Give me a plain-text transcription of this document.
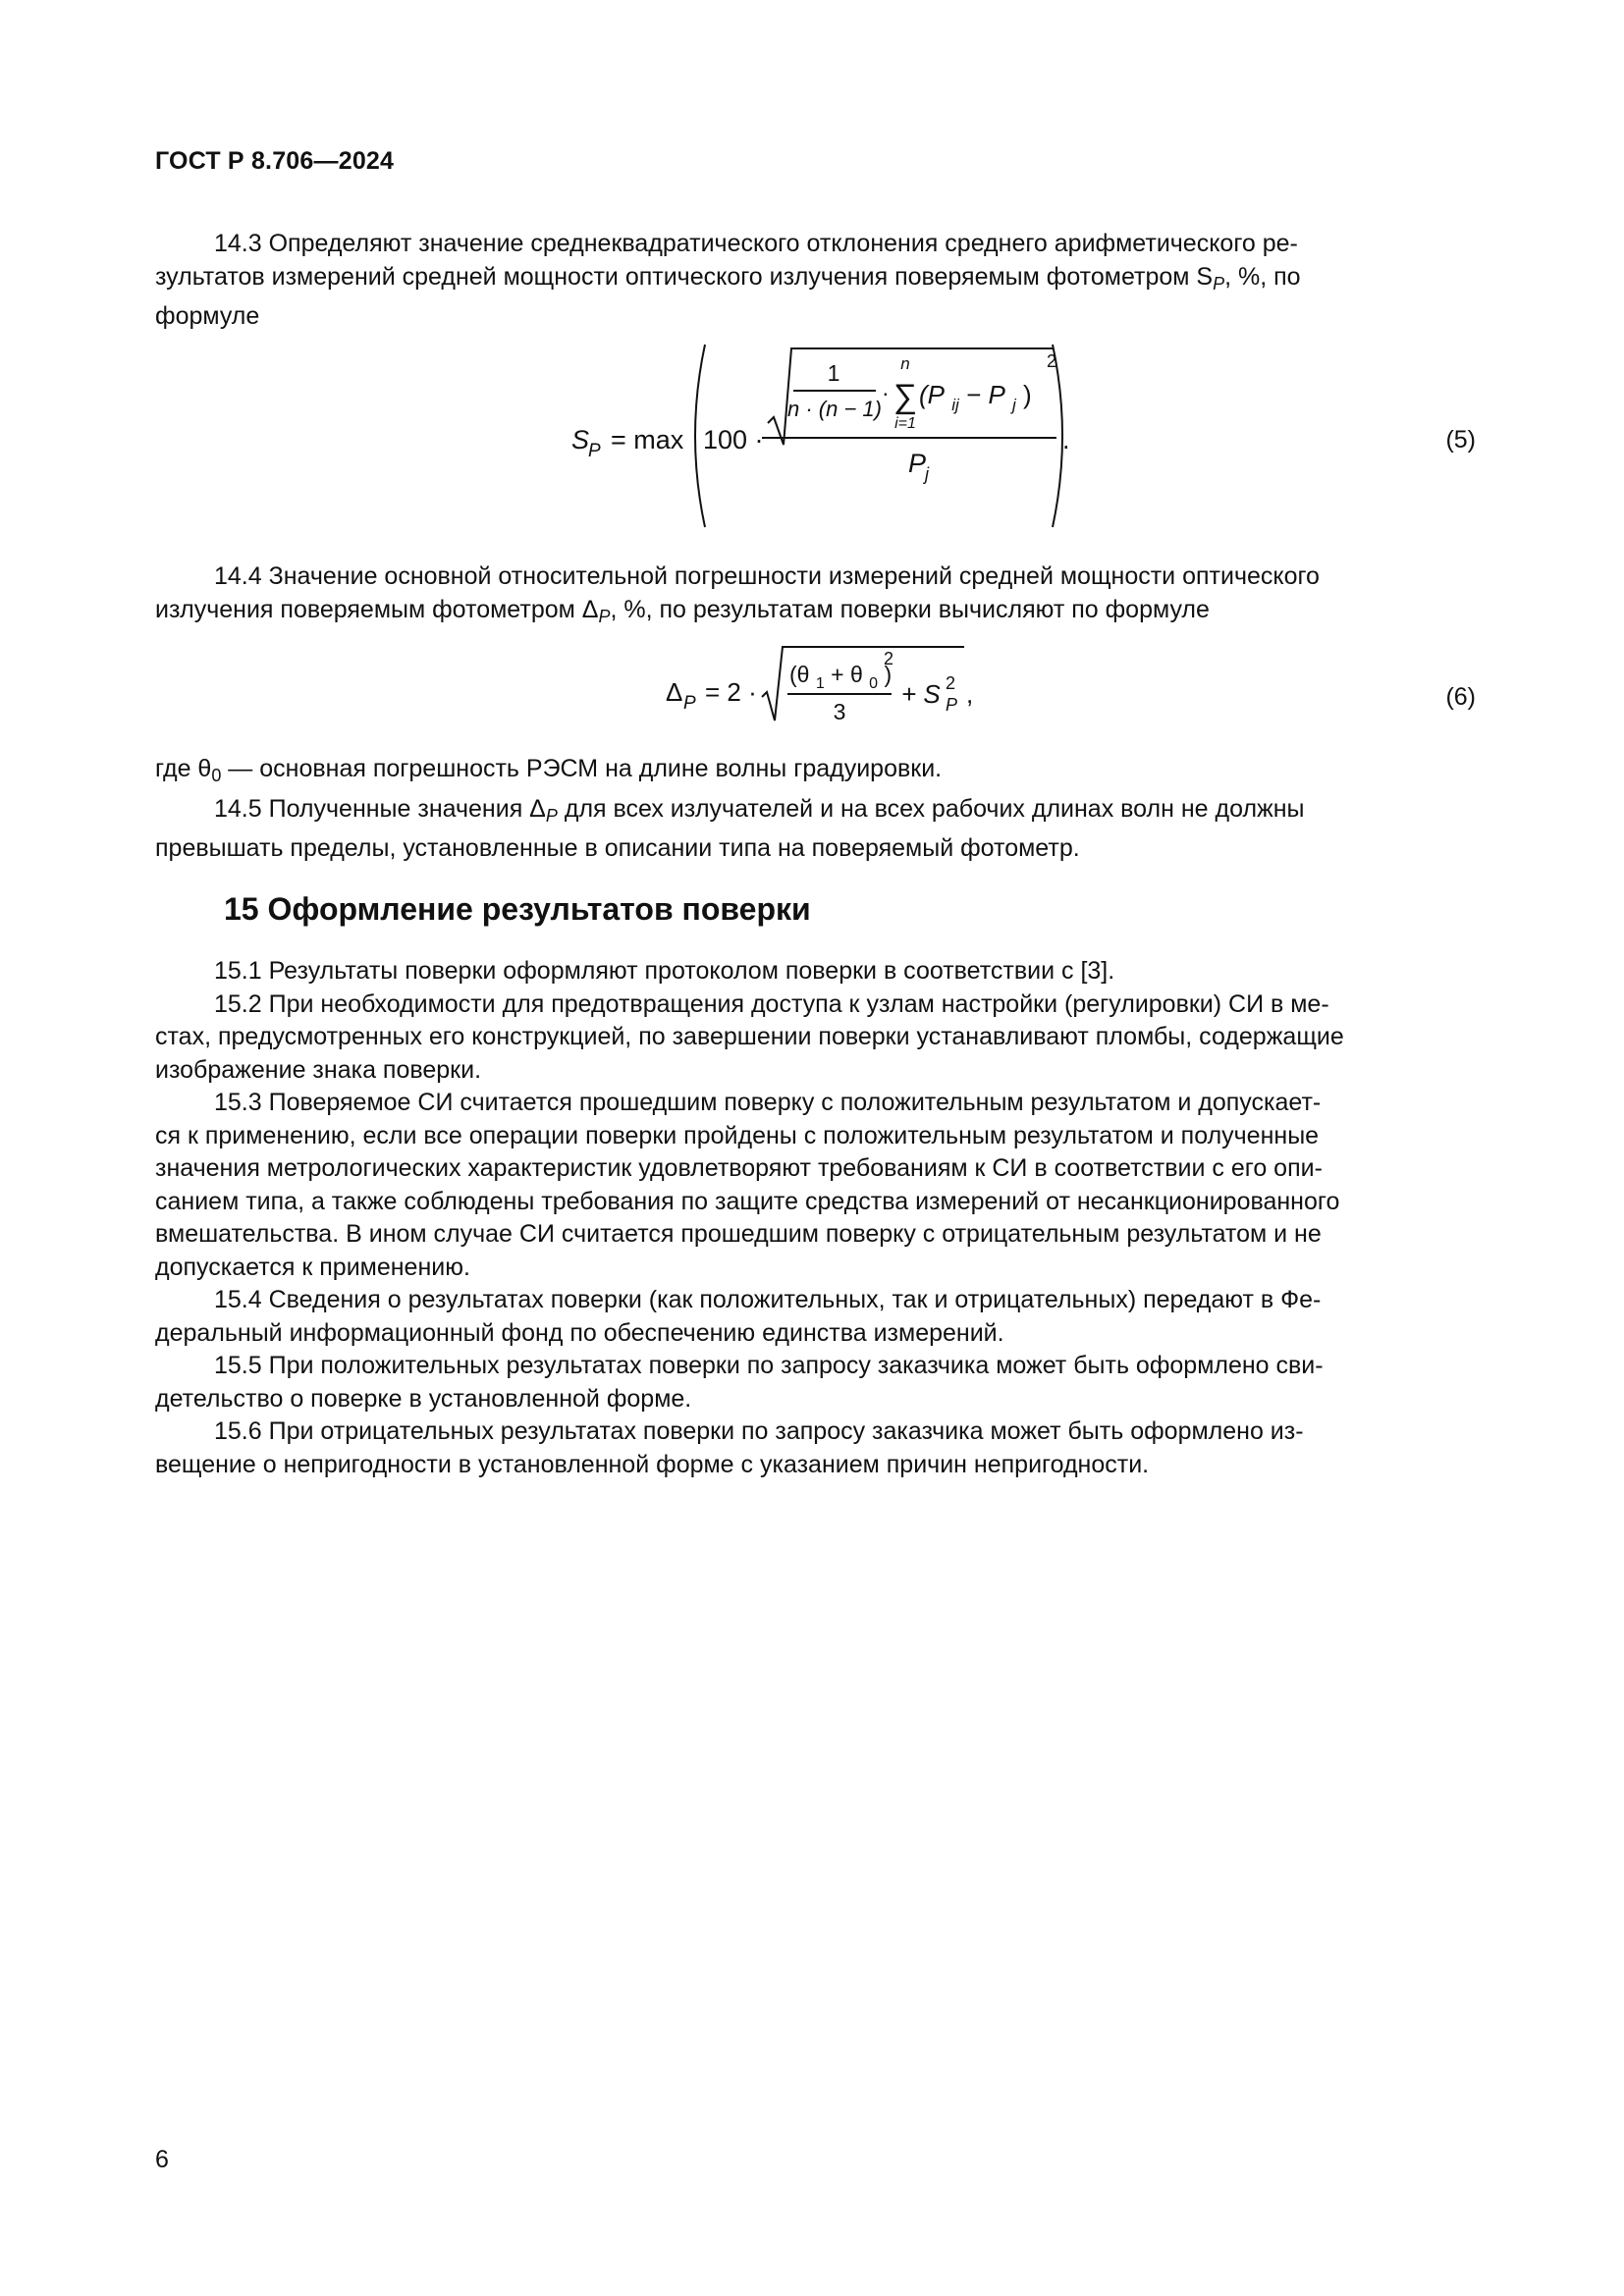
ГОСТ Р 8.706—2024
14.3 Определяют значение среднеквадратического отклонения среднего арифметического ре-
зультатов измерений средней мощности оптического излучения поверяемым фотометром $S_P$, %, по
формуле
S
P = max 100 ·
1
n · (n − 1)
·
n
∑
i=1
(P $_{ij}$ − P $_j$ )
2
P
j
.	(5)
14.4 Значение основной относительной погрешности измерений средней мощности оптического
излучения поверяемым фотометром $\Delta_P$, %, по результатам поверки вычисляют по формуле
Δ P = 2 ·
(θ $_1$ + θ $_0$ )
2
3
+ S P
2 ,	(6)
где $\theta_0$ — основная погрешность РЭСМ на длине волны градуировки.
14.5 Полученные значения $\Delta_P$ для всех излучателей и на всех рабочих длинах волн не должны
превышать пределы, установленные в описании типа на поверяемый фотометр.
15 Оформление результатов поверки
15.1 Результаты поверки оформляют протоколом поверки в соответствии с [3].
15.2 При необходимости для предотвращения доступа к узлам настройки (регулировки) СИ в ме-
стах, предусмотренных его конструкцией, по завершении поверки устанавливают пломбы, содержащие
изображение знака поверки.
15.3 Поверяемое СИ считается прошедшим поверку с положительным результатом и допускает-
ся к применению, если все операции поверки пройдены с положительным результатом и полученные
значения метрологических характеристик удовлетворяют требованиям к СИ в соответствии с его опи-
санием типа, а также соблюдены требования по защите средства измерений от несанкционированного
вмешательства. В ином случае СИ считается прошедшим поверку с отрицательным результатом и не
допускается к применению.
15.4 Сведения о результатах поверки (как положительных, так и отрицательных) передают в Фе-
деральный информационный фонд по обеспечению единства измерений.
15.5 При положительных результатах поверки по запросу заказчика может быть оформлено сви-
детельство о поверке в установленной форме.
15.6 При отрицательных результатах поверки по запросу заказчика может быть оформлено из-
вещение о непригодности в установленной форме с указанием причин непригодности.
6
